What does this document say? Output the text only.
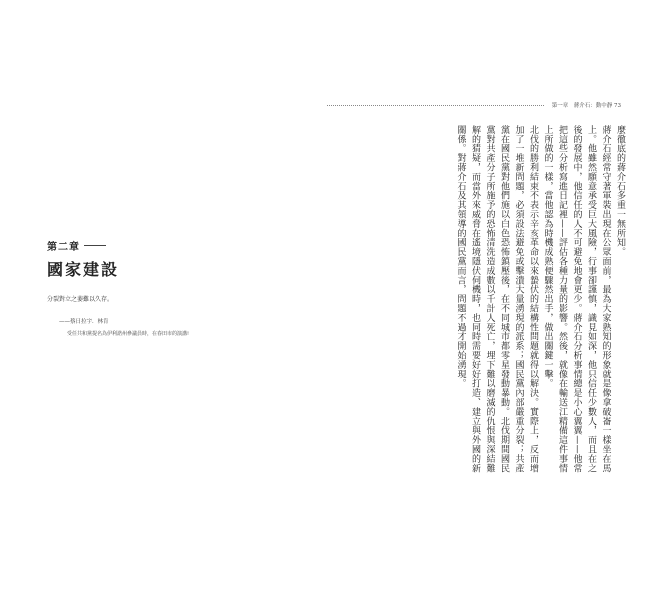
第二章
國家建設
分裂對立之萎難以久存。
——蔡日拉宇．林肯
受任共和黨提名為伊利諾州參議員時，在春田市的演講!
第一章　蔣介石：動中靜 73

麼徹底的蔣介石多重一無所知。

蔣介石經常守著軍裝出現在公眾面前，最為大家熟知的形象就是像拿破崙一樣坐在馬上。他雖然願意承受巨大風險，行事卻謹慎，識見如深，他只信任少數人，而且在之後的發展中，他信任的人不可避免地會更少。蔣介石分析事情總是小心翼翼——他常把這些分析寫進日記裡——評估各種力量的影響。然後，就像在輸送江精備這件事情上所做的一樣，當他認為時機成熟便驟然出手，做出關鍵一擊。

北伐的勝利結束不表示辛亥革命以來蟄伏的結構性問題就得以解決。實際上，反而增加了一堆新問題，必須設法避免或擊潰大量湧現的派系；國民黨內部嚴重分裂；共產黨在國民黨對他們施以白色恐怖鎮壓後，在不同城市都零星發動暴動。北伐期間國民黨對共產分子所施予的恐怖清洗造成數以千計人死亡，埋下難以磨滅的仇恨與深結難解的猜疑，而當外來威脅在遙境隱伏伺機時，也同時需要好好打造、建立與外國的新關係。對蔣介石及其領導的國民黨而言，問題不過才開始湧現。
